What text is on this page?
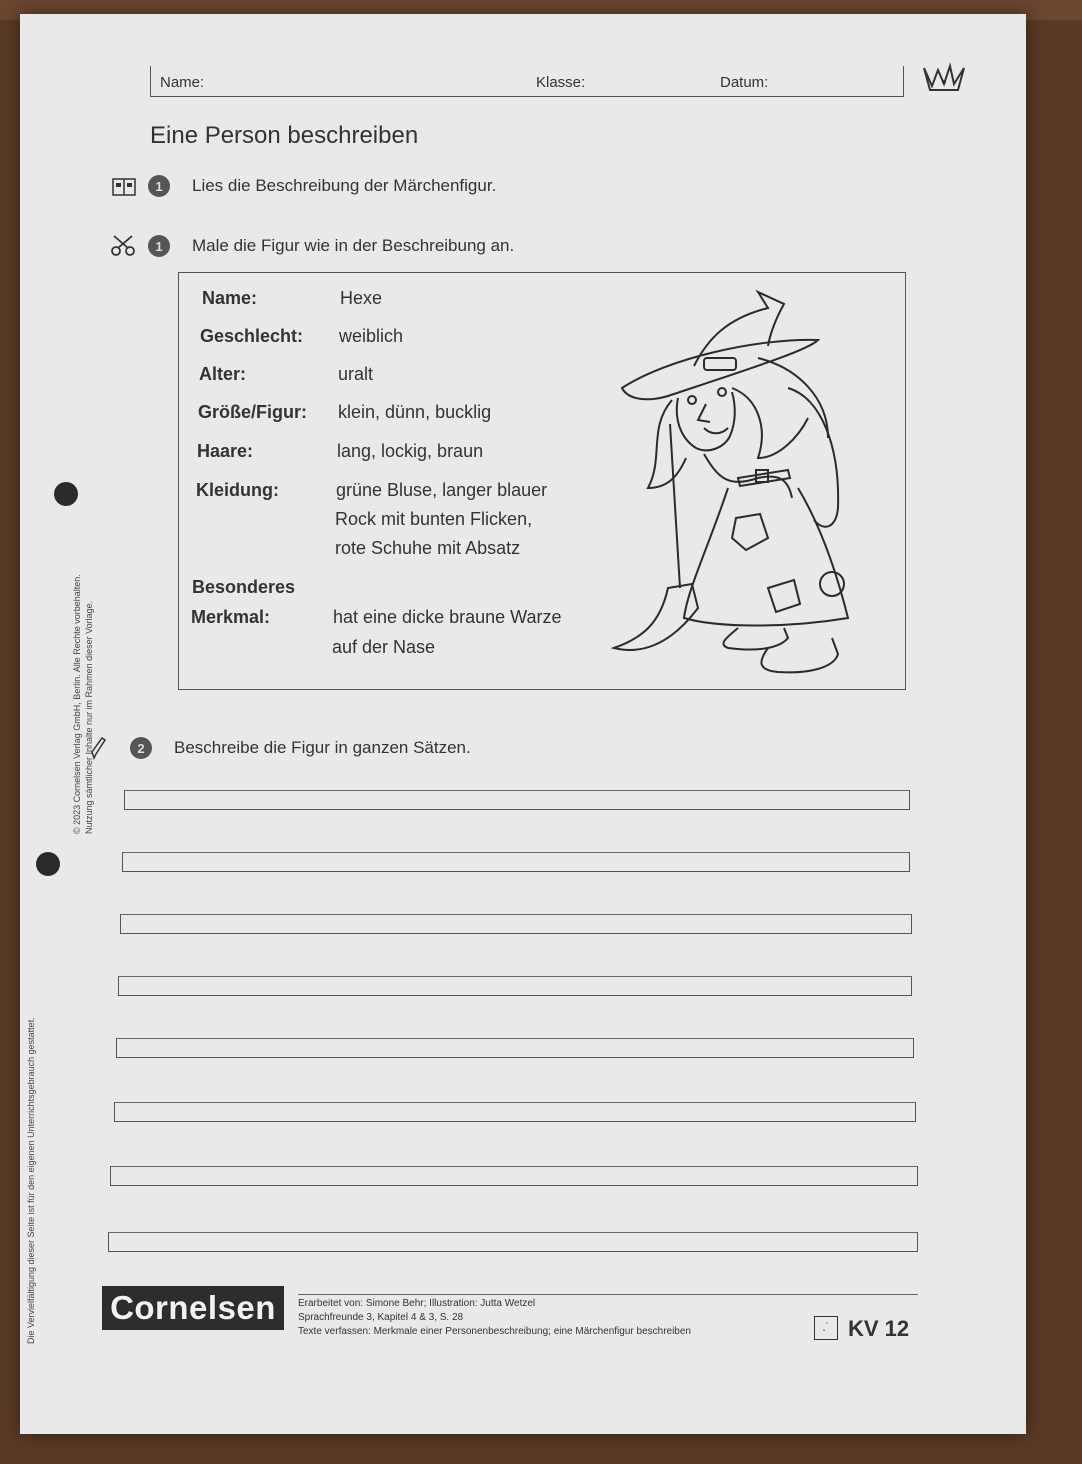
Name:	Klasse:	Datum:
Eine Person beschreiben
1	Lies die Beschreibung der Märchenfigur.
1	Male die Figur wie in der Beschreibung an.
Name:	Hexe
Geschlecht: weiblich
Alter:	uralt
Größe/Figur: klein, dünn, bucklig
Haare:	lang, lockig, braun
Kleidung:	grüne Bluse, langer blauer
Rock mit bunten Flicken,
rote Schuhe mit Absatz
Besonderes
Merkmal:	hat eine dicke braune Warze
auf der Nase
2	Beschreibe die Figur in ganzen Sätzen.
Die Vervielfältigung dieser Seite ist für den eigenen Unterrichtsgebrauch gestattet.
© 2023 Cornelsen Verlag GmbH, Berlin. Alle Rechte vorbehalten. Nutzung sämtlicher Inhalte nur im Rahmen dieser Vorlage.
Cornelsen	Erarbeitet von: Simone Behr; Illustration: Jutta Wetzel
Sprachfreunde 3, Kapitel 4 & 3, S. 28
Texte verfassen: Merkmale einer Personenbeschreibung; eine Märchenfigur beschreiben	.˙ KV 12
